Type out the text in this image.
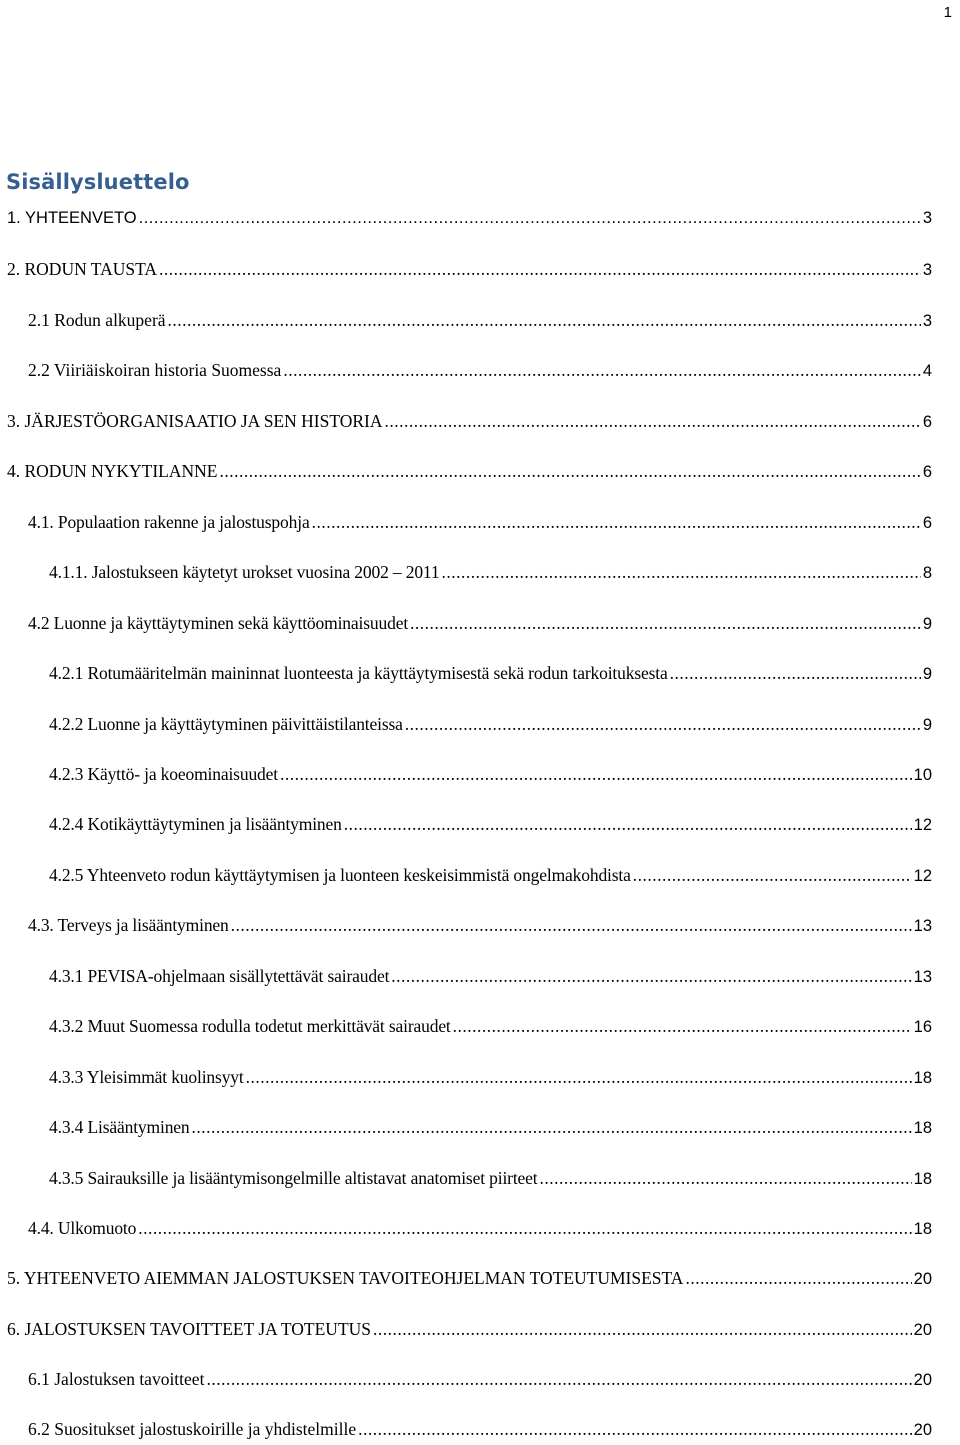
1
Sisällysluettelo
1. YHTEENVETO .....	3
2. RODUN TAUSTA .....	3
2.1 Rodun alkuperä .....	3
2.2 Viiriäiskoiran historia Suomessa .....	4
3. JÄRJESTÖORGANISAATIO JA SEN HISTORIA .....	6
4. RODUN NYKYTILANNE .....	6
4.1. Populaation rakenne ja jalostuspohja .....	6
4.1.1. Jalostukseen käytetyt urokset vuosina 2002 – 2011 .....	8
4.2 Luonne ja käyttäytyminen sekä käyttöominaisuudet .....	9
4.2.1 Rotumääritelmän maininnat luonteesta ja käyttäytymisestä sekä rodun tarkoituksesta .....	9
4.2.2 Luonne ja käyttäytyminen päivittäistilanteissa .....	9
4.2.3 Käyttö- ja koeominaisuudet .....	10
4.2.4 Kotikäyttäytyminen ja lisääntyminen .....	12
4.2.5 Yhteenveto rodun käyttäytymisen ja luonteen keskeisimmistä ongelmakohdista .....	12
4.3. Terveys ja lisääntyminen .....	13
4.3.1 PEVISA-ohjelmaan sisällytettävät sairaudet .....	13
4.3.2 Muut Suomessa rodulla todetut merkittävät sairaudet .....	16
4.3.3 Yleisimmät kuolinsyyt .....	18
4.3.4 Lisääntyminen .....	18
4.3.5 Sairauksille ja lisääntymisongelmille altistavat anatomiset piirteet .....	18
4.4. Ulkomuoto .....	18
5. YHTEENVETO AIEMMAN JALOSTUKSEN TAVOITEOHJELMAN TOTEUTUMISESTA .....	20
6. JALOSTUKSEN TAVOITTEET JA TOTEUTUS .....	20
6.1 Jalostuksen tavoitteet .....	20
6.2 Suositukset jalostuskoirille ja yhdistelmille .....	20
